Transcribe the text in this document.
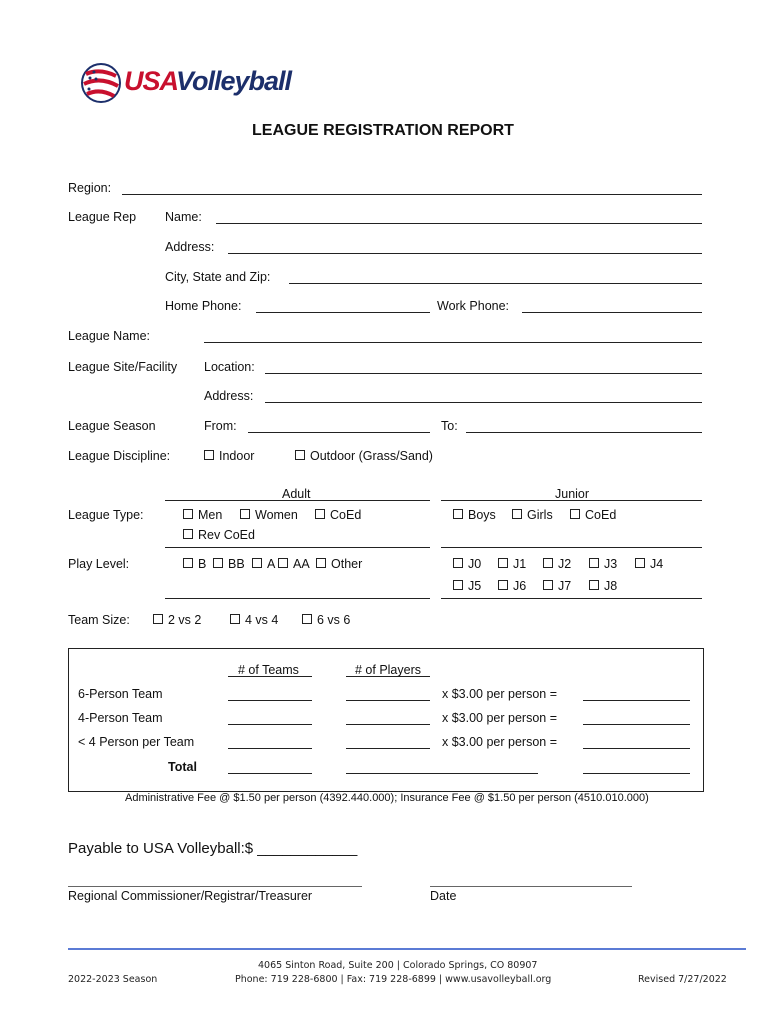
USAVolleyball
LEAGUE REGISTRATION REPORT
Region:
League Rep Name:
Address:
City, State and Zip:
Home Phone:	Work Phone:
League Name:
League Site/Facility Location:
Address:
League Season	From:	To:
League Discipline:	Indoor	Outdoor (Grass/Sand)
Adult	Junior
League Type:	Men	Women	CoEd
Rev CoEd
Boys	Girls	CoEd
Play Level:	B	BB	A	AA	Other	J0	J1	J2	J3	J4
J5	J6	J7	J8
Team Size:	2 vs 2	4 vs 4	6 vs 6
# of Teams	# of Players
6-Person Team	x $3.00 per person =
4-Person Team	x $3.00 per person =
< 4 Person per Team	x $3.00 per person =
Total
Administrative Fee @ $1.50 per person (4392.440.000); Insurance Fee @ $1.50 per person (4510.010.000)
Payable to USA Volleyball:$ ____________
Regional Commissioner/Registrar/Treasurer	Date
2022-2023 Season
4065 Sinton Road, Suite 200 | Colorado Springs, CO 80907
Phone: 719 228-6800 | Fax: 719 228-6899 | www.usavolleyball.org	Revised 7/27/2022
